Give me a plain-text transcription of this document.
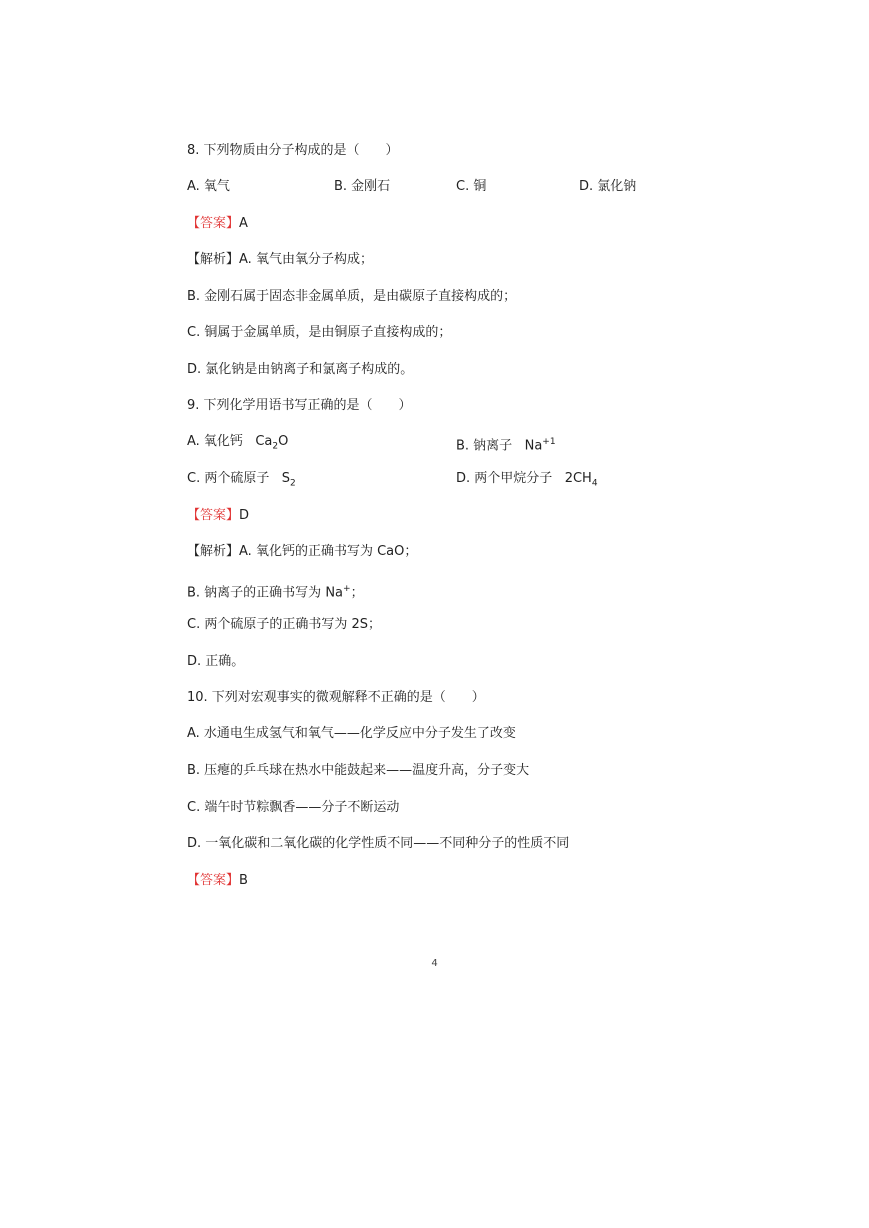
8. 下列物质由分子构成的是（　　）
A. 氧气	B. 金刚石	C. 铜	D. 氯化钠
【答案】A
【解析】A. 氧气由氧分子构成；
B. 金刚石属于固态非金属单质，是由碳原子直接构成的；
C. 铜属于金属单质，是由铜原子直接构成的；
D. 氯化钠是由钠离子和氯离子构成的。
9. 下列化学用语书写正确的是（　　）
A. 氧化钙 $Ca_2O$	B. 钠离子 $Na^{+1}$
C. 两个硫原子 $S_2$	D. 两个甲烷分子 $2CH_4$
【答案】D
【解析】A. 氧化钙的正确书写为 CaO；
B. 钠离子的正确书写为 Na+；
C. 两个硫原子的正确书写为 2S；
D. 正确。
10. 下列对宏观事实的微观解释不正确的是（　　）
A. 水通电生成氢气和氧气——化学反应中分子发生了改变
B. 压瘪的乒乓球在热水中能鼓起来——温度升高，分子变大
C. 端午时节粽飘香——分子不断运动
D. 一氧化碳和二氧化碳的化学性质不同——不同种分子的性质不同
【答案】B
4
